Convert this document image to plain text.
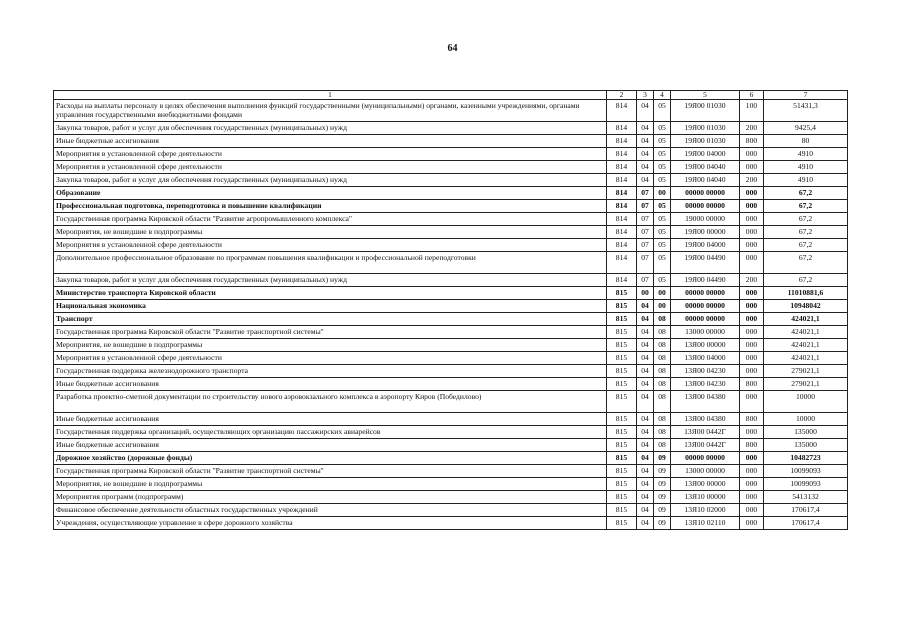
64
1	2	3	4	5	6	7
Расходы на выплаты персоналу в целях обеспечения выполнения функций государственными (муниципальными) органами, казенными учреждениями, органами управления государственными внебюджетными фондами	814	04	05	19Я00 01030	100	51431,3
Закупка товаров, работ и услуг для обеспечения государственных (муниципальных) нужд	814	04	05	19Я00 01030	200	9425,4
Иные бюджетные ассигнования	814	04	05	19Я00 01030	800	80
Мероприятия в установленной сфере деятельности	814	04	05	19Я00 04000	000	4910
Мероприятия в установленной сфере деятельности	814	04	05	19Я00 04040	000	4910
Закупка товаров, работ и услуг для обеспечения государственных (муниципальных) нужд	814	04	05	19Я00 04040	200	4910
Образование	814	07	00	00000 00000	000	67,2
Профессиональная подготовка, переподготовка и повышение квалификации	814	07	05	00000 00000	000	67,2
Государственная программа Кировской области "Развитие агропромышленного комплекса"	814	07	05	19000 00000	000	67,2
Мероприятия, не вошедшие в подпрограммы	814	07	05	19Я00 00000	000	67,2
Мероприятия в установленной сфере деятельности	814	07	05	19Я00 04000	000	67,2
Дополнительное профессиональное образование по программам повышения квалификации и профессиональной переподготовки	814	07	05	19Я00 04490	000	67,2
Закупка товаров, работ и услуг для обеспечения государственных (муниципальных) нужд	814	07	05	19Я00 04490	200	67,2
Министерство транспорта Кировской области	815	00	00	00000 00000	000	11010881,6
Национальная экономика	815	04	00	00000 00000	000	10948042
Транспорт	815	04	08	00000 00000	000	424021,1
Государственная программа Кировской области "Развитие транспортной системы"	815	04	08	13000 00000	000	424021,1
Мероприятия, не вошедшие в подпрограммы	815	04	08	13Я00 00000	000	424021,1
Мероприятия в установленной сфере деятельности	815	04	08	13Я00 04000	000	424021,1
Государственная поддержка железнодорожного транспорта	815	04	08	13Я00 04230	000	279021,1
Иные бюджетные ассигнования	815	04	08	13Я00 04230	800	279021,1
Разработка проектно-сметной документации по строительству нового аэровокзального комплекса в аэропорту Киров (Победилово)	815	04	08	13Я00 04380	000	10000
Иные бюджетные ассигнования	815	04	08	13Я00 04380	800	10000
Государственная поддержка организаций, осуществляющих организацию пассажирских авиарейсов	815	04	08	13Я00 0442Г	000	135000
Иные бюджетные ассигнования	815	04	08	13Я00 0442Г	800	135000
Дорожное хозяйство (дорожные фонды)	815	04	09	00000 00000	000	10482723
Государственная программа Кировской области "Развитие транспортной системы"	815	04	09	13000 00000	000	10099093
Мероприятия, не вошедшие в подпрограммы	815	04	09	13Я00 00000	000	10099093
Мероприятия программ (подпрограмм)	815	04	09	13Я10 00000	000	5413132
Финансовое обеспечение деятельности областных государственных учреждений	815	04	09	13Я10 02000	000	170617,4
Учреждения, осуществляющие управление в сфере дорожного хозяйства	815	04	09	13Я10 02110	000	170617,4
